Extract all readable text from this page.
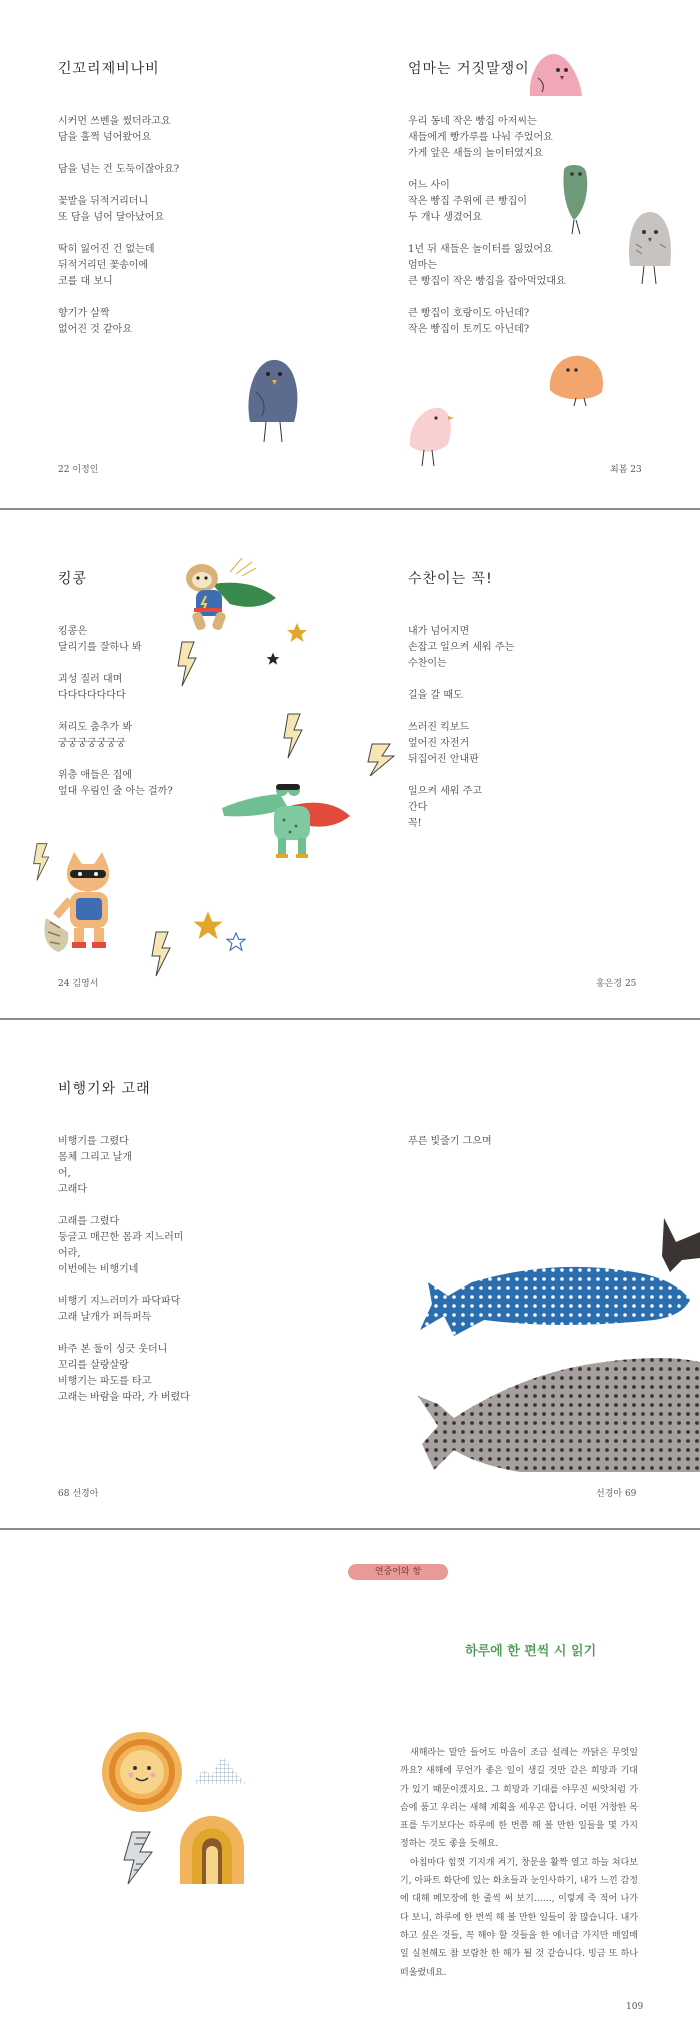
긴꼬리제비나비
시커먼 쓰벤을 썼더라고요
담을 훌쩍 넘어왔어요
담을 넘는 건 도둑이잖아요?
꽃밭을 뒤적거리더니
또 담을 넘어 달아났어요
딱히 잃어진 건 없는데
뒤적거리던 꽃송이에
코를 대 보니
향기가 살짝
없어진 것 같아요
22 이정인
엄마는 거짓말쟁이
우리 동네 작은 빵집 아저씨는
새들에게 빵가루를 나눠 주었어요
가게 앞은 새들의 놀이터였지요
어느 사이
작은 빵집 주위에 큰 빵집이
두 개나 생겼어요
1년 뒤 새들은 놀이터를 잃었어요
엄마는
큰 빵집이 작은 빵집을 잡아먹었대요
큰 빵집이 호랑이도 아닌데?
작은 빵집이 토끼도 아닌데?
최봄 23
킹콩
킹콩은
달리기를 잘하나 봐
괴성 질러 대며
다다다다다다다
쳐리도 춤추가 봐
궁궁궁궁궁궁궁
위층 애들은 집에
엎대 우림인 줄 아는 걸까?
24 김영서
수찬이는 꼭!
내가 넘어지면
손잡고 일으켜 세워 주는
수찬이는
길을 갈 때도
쓰러진 킥보드
엎어진 자전거
뒤집어진 안내판
일으켜 세워 주고
간다
꼭!
홍은경 25
비행기와 고래
비행기를 그렸다
몸체 그리고 날개
어,
고래다
고래를 그렸다
둥글고 매끈한 몸과 지느러미
어라,
이번에는 비행기네
비행기 지느러미가 파닥파닥
고래 날개가 퍼득퍼득
바주 본 둘이 싱긋 웃더니
꼬리를 살랑살랑
비행기는 파도를 타고
고래는 바람을 따라, 가 버렸다
68 선경아
푸른 빛줄기 그으며
선경아 69
연중어와 항
하루에 한 편씩 시 읽기

새해라는 말만 들어도 마음이 조금 설레는 까닭은 무엇일까요? 새해에 무언가 좋은 일이 생길 것만 같은 희망과 기대가 있기 때문이겠지요. 그 희망과 기대를 야무진 씨앗처럼 가슴에 품고 우리는 새해 계획을 세우곤 합니다. 어떤 거창한 목표를 두기보다는 하루에 한 번쯤 해 볼 만한 일들을 몇 가지 정하는 것도 좋을 듯해요.

아침마다 힘껏 기지개 켜기, 창문을 활짝 열고 하늘 쳐다보기, 아파트 화단에 있는 화초들과 눈인사하기, 내가 느낀 감정에 대해 메모장에 한 줄씩 써 보기……, 이렇게 죽 적어 나가다 보니, 하루에 한 번씩 해 볼 만한 일들이 참 많습니다. 내가 하고 싶은 것들, 꼭 해야 할 것들을 한 에너급 가지만 매일매일 실천해도 참 보람찬 한 해가 될 것 같습니다. 빙금 또 하나 떠올렸네요.

109
